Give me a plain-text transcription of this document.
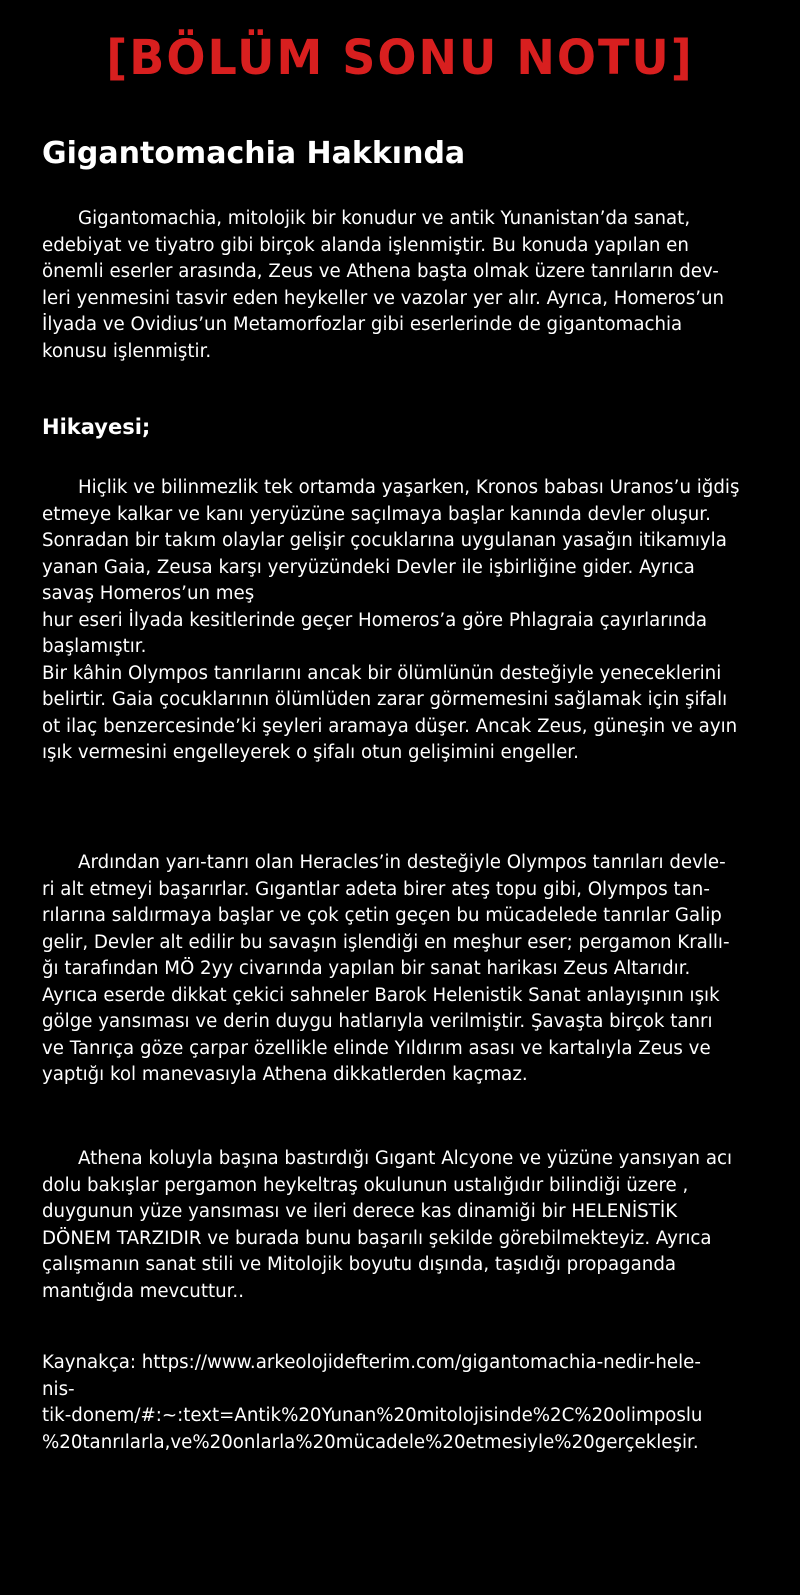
[BÖLÜM SONU NOTU]
Gigantomachia Hakkında
Gigantomachia, mitolojik bir konudur ve antik Yunanistan’da sanat,
edebiyat ve tiyatro gibi birçok alanda işlenmiştir. Bu konuda yapılan en
önemli eserler arasında, Zeus ve Athena başta olmak üzere tanrıların dev-
leri yenmesini tasvir eden heykeller ve vazolar yer alır. Ayrıca, Homeros’un
İlyada ve Ovidius’un Metamorfozlar gibi eserlerinde de gigantomachia
konusu işlenmiştir.
Hikayesi;
Hiçlik ve bilinmezlik tek ortamda yaşarken, Kronos babası Uranos’u iğdiş
etmeye kalkar ve kanı yeryüzüne saçılmaya başlar kanında devler oluşur.
Sonradan bir takım olaylar gelişir çocuklarına uygulanan yasağın itikamıyla
yanan Gaia, Zeusa karşı yeryüzündeki Devler ile işbirliğine gider. Ayrıca
savaş Homeros’un meş
hur eseri İlyada kesitlerinde geçer Homeros’a göre Phlagraia çayırlarında
başlamıştır.
Bir kâhin Olympos tanrılarını ancak bir ölümlünün desteğiyle yeneceklerini
belirtir. Gaia çocuklarının ölümlüden zarar görmemesini sağlamak için şifalı
ot ilaç benzercesinde’ki şeyleri aramaya düşer. Ancak Zeus, güneşin ve ayın
ışık vermesini engelleyerek o şifalı otun gelişimini engeller.
Ardından yarı-tanrı olan Heracles’in desteğiyle Olympos tanrıları devle-
ri alt etmeyi başarırlar. Gıgantlar adeta birer ateş topu gibi, Olympos tan-
rılarına saldırmaya başlar ve çok çetin geçen bu mücadelede tanrılar Galip
gelir, Devler alt edilir bu savaşın işlendiği en meşhur eser; pergamon Krallı-
ğı tarafından MÖ 2yy civarında yapılan bir sanat harikası Zeus Altarıdır.
Ayrıca eserde dikkat çekici sahneler Barok Helenistik Sanat anlayışının ışık
gölge yansıması ve derin duygu hatlarıyla verilmiştir. Şavaşta birçok tanrı
ve Tanrıça göze çarpar özellikle elinde Yıldırım asası ve kartalıyla Zeus ve
yaptığı kol manevasıyla Athena dikkatlerden kaçmaz.
Athena koluyla başına bastırdığı Gıgant Alcyone ve yüzüne yansıyan acı
dolu bakışlar pergamon heykeltraş okulunun ustalığıdır bilindiği üzere ,
duygunun yüze yansıması ve ileri derece kas dinamiği bir HELENİSTİK
DÖNEM TARZIDIR ve burada bunu başarılı şekilde görebilmekteyiz. Ayrıca
çalışmanın sanat stili ve Mitolojik boyutu dışında, taşıdığı propaganda
mantığıda mevcuttur..
Kaynakça: https://www.arkeolojidefterim.com/gigantomachia-nedir-hele-
nis-
tik-donem/#:~:text=Antik%20Yunan%20mitolojisinde%2C%20olimposlu
%20tanrılarla,ve%20onlarla%20mücadele%20etmesiyle%20gerçekleşir.
